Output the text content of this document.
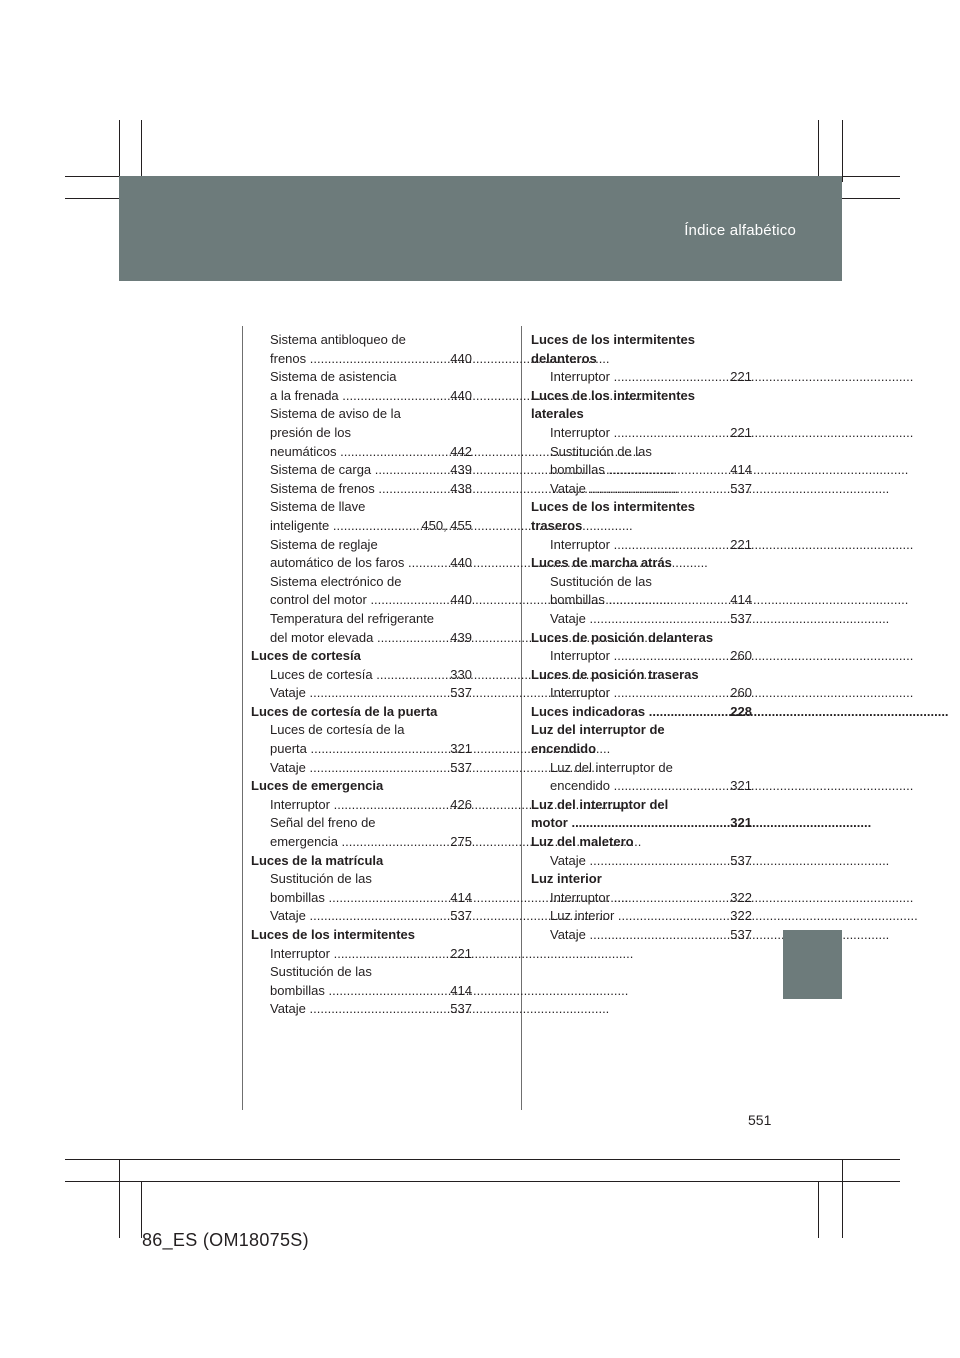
Índice alfabético
Sistema antibloqueo de
frenos .....	440
Sistema de asistencia
a la frenada .....	440
Sistema de aviso de la
presión de los
neumáticos .....	442
Sistema de carga .....	439
Sistema de frenos .....	438
Sistema de llave
inteligente .....	450, 455
Sistema de reglaje
automático de los faros .....	440
Sistema electrónico de
control del motor .....	440
Temperatura del refrigerante
del motor elevada .....	439
Luces de cortesía
Luces de cortesía .....	330
Vataje .....	537
Luces de cortesía de la puerta
Luces de cortesía de la
puerta .....	321
Vataje .....	537
Luces de emergencia
Interruptor .....	426
Señal del freno de
emergencia .....	275
Luces de la matrícula
Sustitución de las
bombillas .....	414
Vataje .....	537
Luces de los intermitentes
Interruptor .....	221
Sustitución de las
bombillas .....	414
Vataje .....	537
Luces de los intermitentes
delanteros
Interruptor .....	221
Luces de los intermitentes
laterales
Interruptor .....	221
Sustitución de las
bombillas .....	414
Vataje .....	537
Luces de los intermitentes
traseros
Interruptor .....	221
Luces de marcha atrás
Sustitución de las
bombillas .....	414
Vataje .....	537
Luces de posición delanteras
Interruptor .....	260
Luces de posición traseras
Interruptor .....	260
Luces indicadoras .....	228
Luz del interruptor de
encendido
Luz del interruptor de
encendido .....	321
Luz del interruptor del
motor .....	321
Luz del maletero
Vataje .....	537
Luz interior
Interruptor .....	322
Luz interior .....	322
Vataje .....	537
551
86_ES (OM18075S)
